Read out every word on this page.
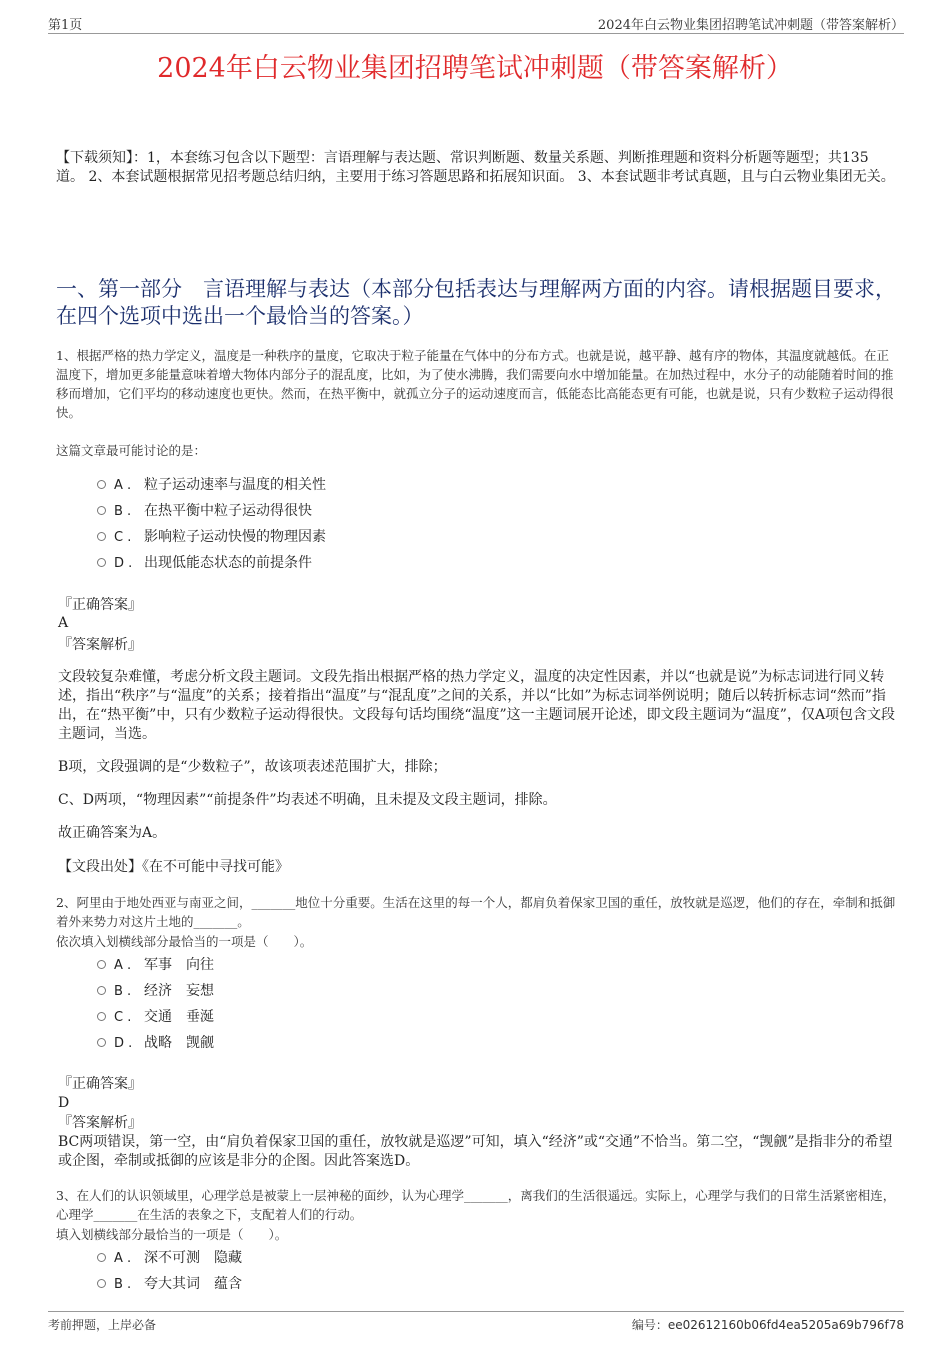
第1页	2024年白云物业集团招聘笔试冲刺题（带答案解析）
2024年白云物业集团招聘笔试冲刺题（带答案解析）
【下载须知】：1，本套练习包含以下题型：言语理解与表达题、常识判断题、数量关系题、判断推理题和资料分析题等题型；共135道。 2、本套试题根据常见招考题总结归纳，主要用于练习答题思路和拓展知识面。 3、本套试题非考试真题，且与白云物业集团无关。
一、第一部分　言语理解与表达（本部分包括表达与理解两方面的内容。请根据题目要求，在四个选项中选出一个最恰当的答案。）
1、根据严格的热力学定义，温度是一种秩序的量度，它取决于粒子能量在气体中的分布方式。也就是说，越平静、越有序的物体，其温度就越低。在正温度下，增加更多能量意味着增大物体内部分子的混乱度，比如，为了使水沸腾，我们需要向水中增加能量。在加热过程中，水分子的动能随着时间的推移而增加，它们平均的移动速度也更快。然而，在热平衡中，就孤立分子的运动速度而言，低能态比高能态更有可能，也就是说，只有少数粒子运动得很快。
这篇文章最可能讨论的是：
A . 粒子运动速率与温度的相关性
B . 在热平衡中粒子运动得很快
C . 影响粒子运动快慢的物理因素
D . 出现低能态状态的前提条件
『正确答案』
A
『答案解析』
文段较复杂难懂，考虑分析文段主题词。文段先指出根据严格的热力学定义，温度的决定性因素，并以“也就是说”为标志词进行同义转述，指出“秩序”与“温度”的关系；接着指出“温度”与“混乱度”之间的关系，并以“比如”为标志词举例说明；随后以转折标志词“然而”指出，在“热平衡”中，只有少数粒子运动得很快。文段每句话均围绕“温度”这一主题词展开论述，即文段主题词为“温度”，仅A项包含文段主题词，当选。
B项，文段强调的是“少数粒子”，故该项表述范围扩大，排除；
C、D两项，“物理因素”“前提条件”均表述不明确，且未提及文段主题词，排除。
故正确答案为A。
【文段出处】《在不可能中寻找可能》
2、阿里由于地处西亚与南亚之间，_______地位十分重要。生活在这里的每一个人，都肩负着保家卫国的重任，放牧就是巡逻，他们的存在，牵制和抵御着外来势力对这片土地的_______。
依次填入划横线部分最恰当的一项是（　　）。
A . 军事　向往
B . 经济　妄想
C . 交通　垂涎
D . 战略　觊觎
『正确答案』
D
『答案解析』
BC两项错误，第一空，由“肩负着保家卫国的重任，放牧就是巡逻”可知，填入“经济”或“交通”不恰当。第二空，“觊觎”是指非分的希望或企图，牵制或抵御的应该是非分的企图。因此答案选D。
3、在人们的认识领域里，心理学总是被蒙上一层神秘的面纱，认为心理学_______，离我们的生活很遥远。实际上，心理学与我们的日常生活紧密相连，心理学_______在生活的表象之下，支配着人们的行动。
填入划横线部分最恰当的一项是（　　）。
A . 深不可测　隐藏
B . 夸大其词　蕴含
考前押题，上岸必备	编号：ee02612160b06fd4ea5205a69b796f78
